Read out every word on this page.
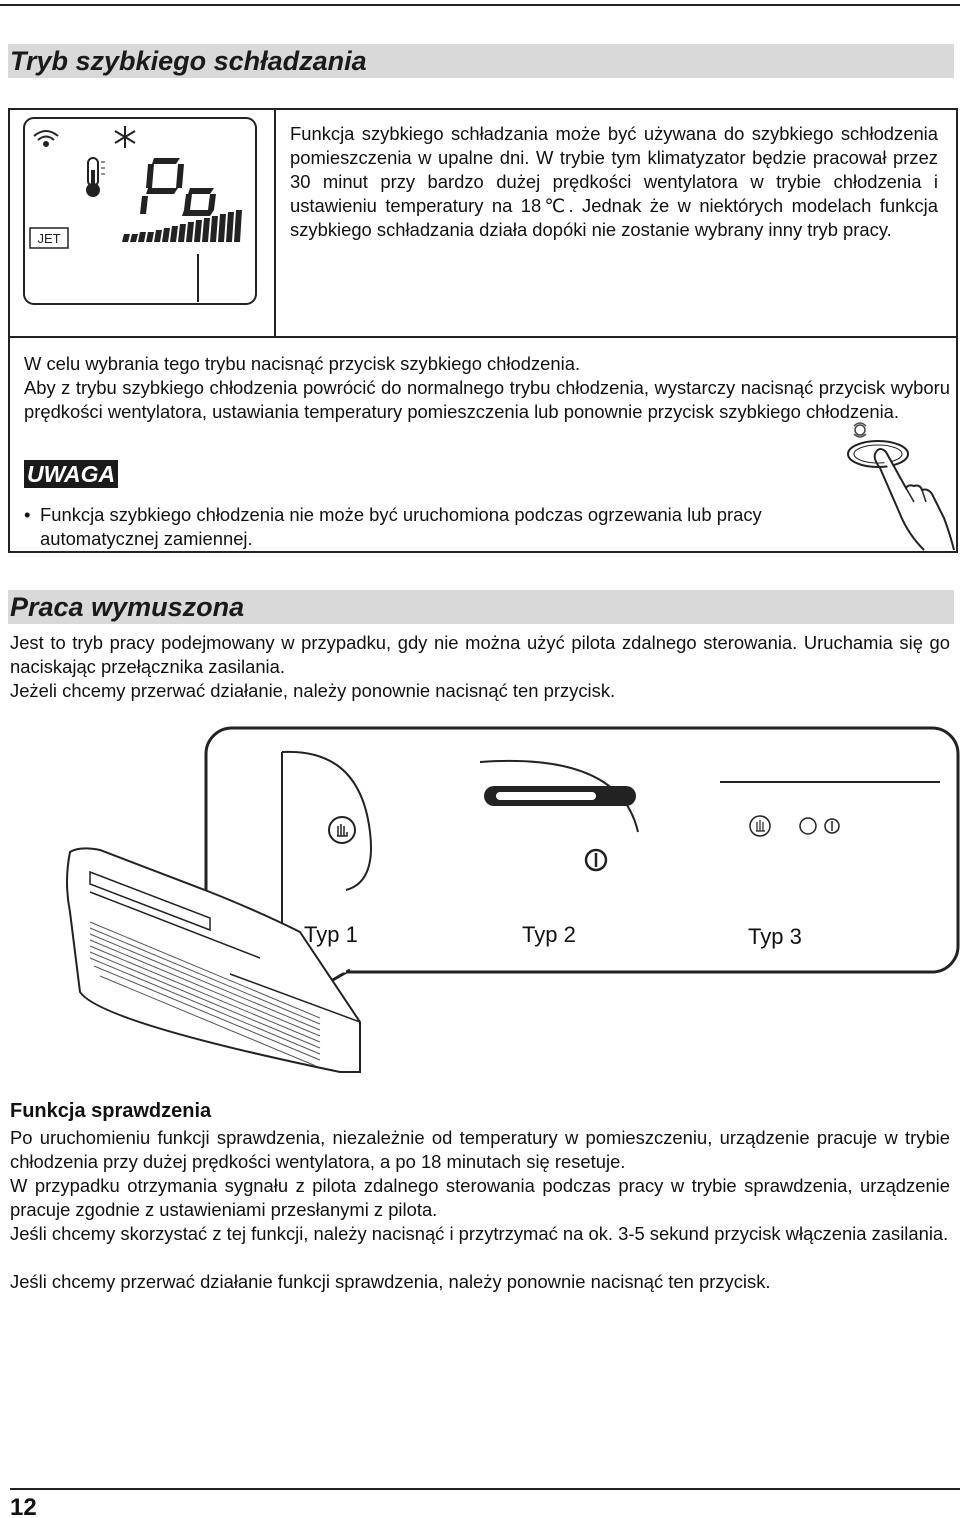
Tryb szybkiego schładzania
JET
Funkcja szybkiego schładzania może być używana do szybkiego schłodzenia pomieszczenia w upalne dni. W trybie tym klimatyzator będzie pracował przez 30 minut przy bardzo dużej prędkości wentylatora w trybie chłodzenia i ustawieniu temperatury na 18℃. Jednak że w niektórych modelach funkcja szybkiego schładzania działa dopóki nie zostanie wybrany inny tryb pracy.
W celu wybrania tego trybu nacisnąć przycisk szybkiego chłodzenia.
Aby z trybu szybkiego chłodzenia powrócić do normalnego trybu chłodzenia, wystarczy nacisnąć przycisk wyboru prędkości wentylatora, ustawiania temperatury pomieszczenia lub ponownie przycisk szybkiego chłodzenia.
UWAGA
• Funkcja szybkiego chłodzenia nie może być uruchomiona podczas ogrzewania lub pracy automatycznej zamiennej.
Praca wymuszona
Jest to tryb pracy podejmowany w przypadku, gdy nie można użyć pilota zdalnego sterowania. Uruchamia się go naciskając przełącznika zasilania.
Jeżeli chcemy przerwać działanie, należy ponownie nacisnąć ten przycisk.
Typ 1	Typ 2	Typ 3
Funkcja sprawdzenia
Po uruchomieniu funkcji sprawdzenia, niezależnie od temperatury w pomieszczeniu, urządzenie pracuje w trybie chłodzenia przy dużej prędkości wentylatora, a po 18 minutach się resetuje.
W przypadku otrzymania sygnału z pilota zdalnego sterowania podczas pracy w trybie sprawdzenia, urządzenie pracuje zgodnie z ustawieniami przesłanymi z pilota.
Jeśli chcemy skorzystać z tej funkcji, należy nacisnąć i przytrzymać na ok. 3-5 sekund przycisk włączenia zasilania.
Jeśli chcemy przerwać działanie funkcji sprawdzenia, należy ponownie nacisnąć ten przycisk.
12
